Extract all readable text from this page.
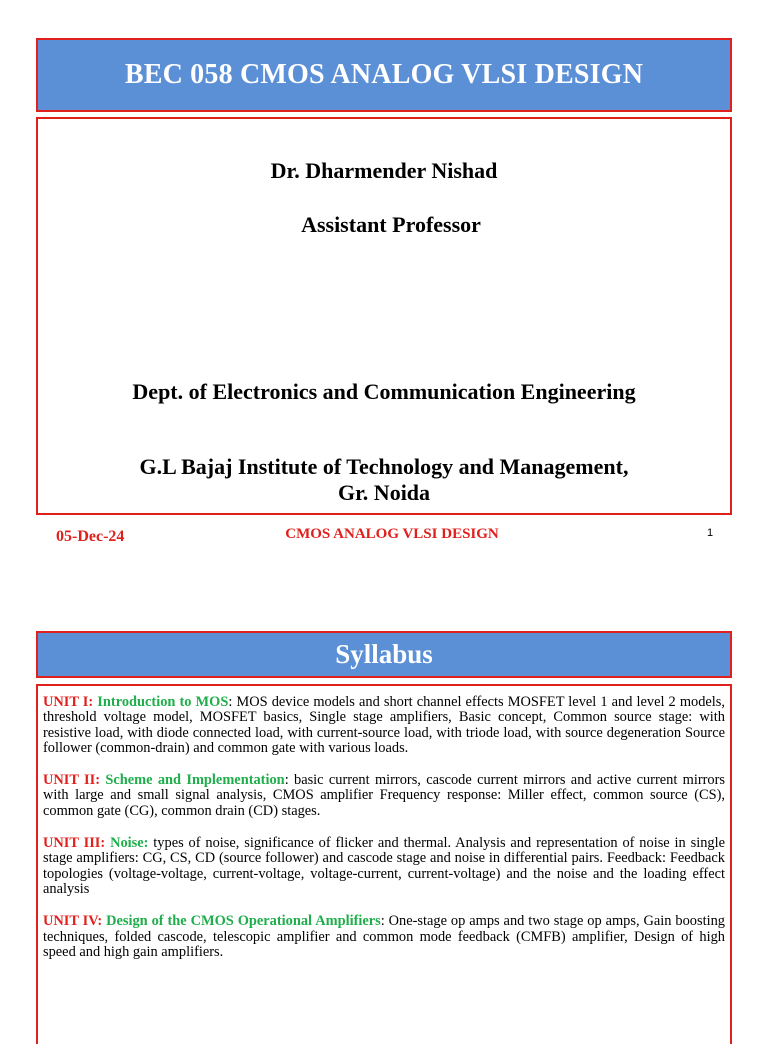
BEC 058 CMOS ANALOG VLSI DESIGN
Dr. Dharmender Nishad
Assistant Professor
Dept. of Electronics and Communication Engineering
G.L Bajaj Institute of Technology and Management,
Gr. Noida
05-Dec-24	CMOS ANALOG VLSI DESIGN	1
Syllabus

UNIT I: Introduction to MOS: MOS device models and short channel effects MOSFET level 1 and level 2 models, threshold voltage model, MOSFET basics, Single stage amplifiers, Basic concept, Common source stage: with resistive load, with diode connected load, with current-source load, with triode load, with source degeneration Source follower (common-drain) and common gate with various loads.

UNIT II: Scheme and Implementation: basic current mirrors, cascode current mirrors and active current mirrors with large and small signal analysis, CMOS amplifier Frequency response: Miller effect, common source (CS), common gate (CG), common drain (CD) stages.

UNIT III: Noise: types of noise, significance of flicker and thermal. Analysis and representation of noise in single stage amplifiers: CG, CS, CD (source follower) and cascode stage and noise in differential pairs. Feedback: Feedback topologies (voltage-voltage, current-voltage, voltage-current, current-voltage) and the noise and the loading effect analysis

UNIT IV: Design of the CMOS Operational Amplifiers: One-stage op amps and two stage op amps, Gain boosting techniques, folded cascode, telescopic amplifier and common mode feedback (CMFB) amplifier, Design of high speed and high gain amplifiers.
